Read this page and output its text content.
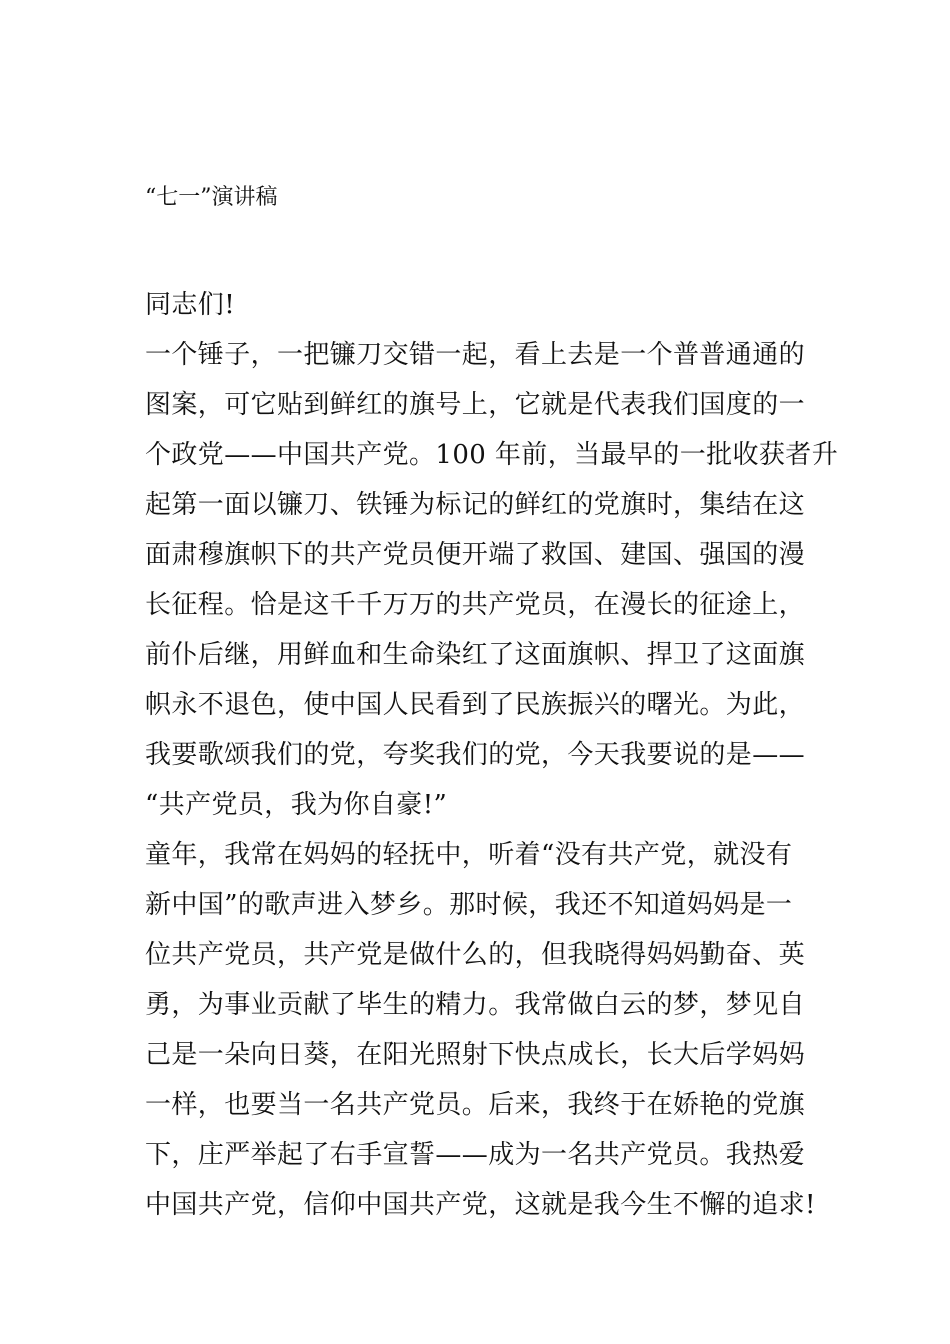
“七一”演讲稿
同志们!
一个锤子，一把镰刀交错一起，看上去是一个普普通通的
图案，可它贴到鲜红的旗号上，它就是代表我们国度的一
个政党——中国共产党。100 年前，当最早的一批收获者升
起第一面以镰刀、铁锤为标记的鲜红的党旗时，集结在这
面肃穆旗帜下的共产党员便开端了救国、建国、强国的漫
长征程。恰是这千千万万的共产党员，在漫长的征途上，
前仆后继，用鲜血和生命染红了这面旗帜、捍卫了这面旗
帜永不退色，使中国人民看到了民族振兴的曙光。为此，
我要歌颂我们的党，夸奖我们的党，今天我要说的是——
“共产党员，我为你自豪!”
童年，我常在妈妈的轻抚中，听着“没有共产党，就没有
新中国”的歌声进入梦乡。那时候，我还不知道妈妈是一
位共产党员，共产党是做什么的，但我晓得妈妈勤奋、英
勇，为事业贡献了毕生的精力。我常做白云的梦，梦见自
己是一朵向日葵，在阳光照射下快点成长，长大后学妈妈
一样，也要当一名共产党员。后来，我终于在娇艳的党旗
下，庄严举起了右手宣誓——成为一名共产党员。我热爱
中国共产党，信仰中国共产党，这就是我今生不懈的追求!
